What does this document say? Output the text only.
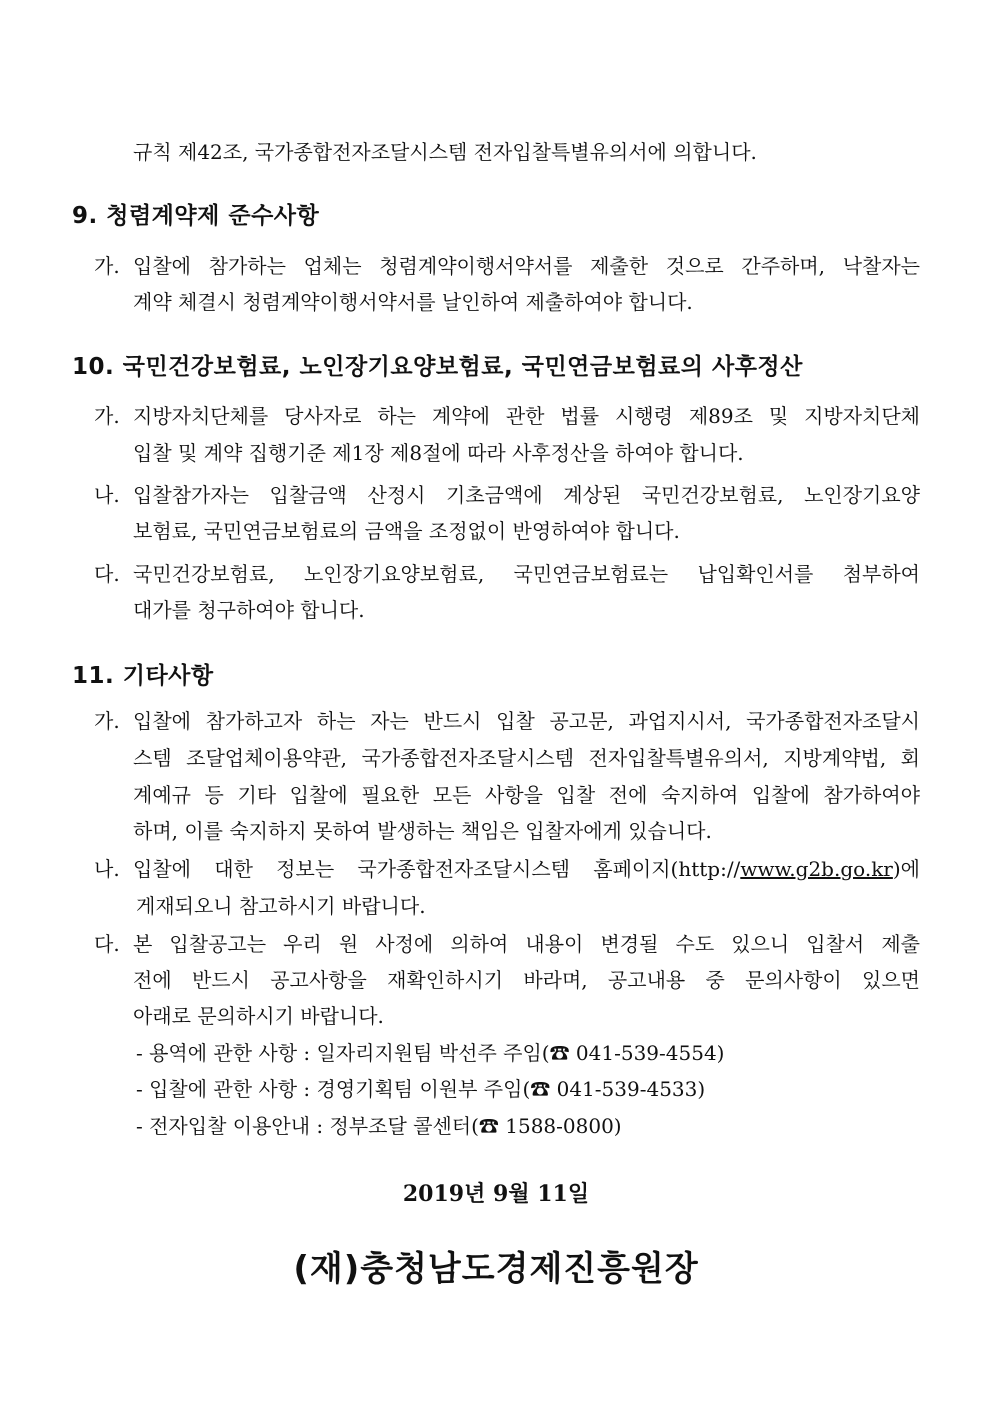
규칙 제42조, 국가종합전자조달시스템 전자입찰특별유의서에 의합니다.
9. 청렴계약제 준수사항
가. 입찰에 참가하는 업체는 청렴계약이행서약서를 제출한 것으로 간주하며, 낙찰자는
계약 체결시 청렴계약이행서약서를 날인하여 제출하여야 합니다.
10. 국민건강보험료, 노인장기요양보험료, 국민연금보험료의 사후정산
가. 지방자치단체를 당사자로 하는 계약에 관한 법률 시행령 제89조 및 지방자치단체
입찰 및 계약 집행기준 제1장 제8절에 따라 사후정산을 하여야 합니다.
나. 입찰참가자는 입찰금액 산정시 기초금액에 계상된 국민건강보험료, 노인장기요양
보험료, 국민연금보험료의 금액을 조정없이 반영하여야 합니다.
다. 국민건강보험료, 노인장기요양보험료, 국민연금보험료는 납입확인서를 첨부하여
대가를 청구하여야 합니다.
11. 기타사항
가. 입찰에 참가하고자 하는 자는 반드시 입찰 공고문, 과업지시서, 국가종합전자조달시
스템 조달업체이용약관, 국가종합전자조달시스템 전자입찰특별유의서, 지방계약법, 회
계예규 등 기타 입찰에 필요한 모든 사항을 입찰 전에 숙지하여 입찰에 참가하여야
하며, 이를 숙지하지 못하여 발생하는 책임은 입찰자에게 있습니다.
나. 입찰에 대한 정보는 국가종합전자조달시스템 홈페이지(http://www.g2b.go.kr)에
게재되오니 참고하시기 바랍니다.
다. 본 입찰공고는 우리 원 사정에 의하여 내용이 변경될 수도 있으니 입찰서 제출
전에 반드시 공고사항을 재확인하시기 바라며, 공고내용 중 문의사항이 있으면
아래로 문의하시기 바랍니다.
- 용역에 관한 사항 : 일자리지원팀 박선주 주임(☎ 041-539-4554)
- 입찰에 관한 사항 : 경영기획팀 이원부 주임(☎ 041-539-4533)
- 전자입찰 이용안내 : 정부조달 콜센터(☎ 1588-0800)
2019년 9월 11일
(재)충청남도경제진흥원장
